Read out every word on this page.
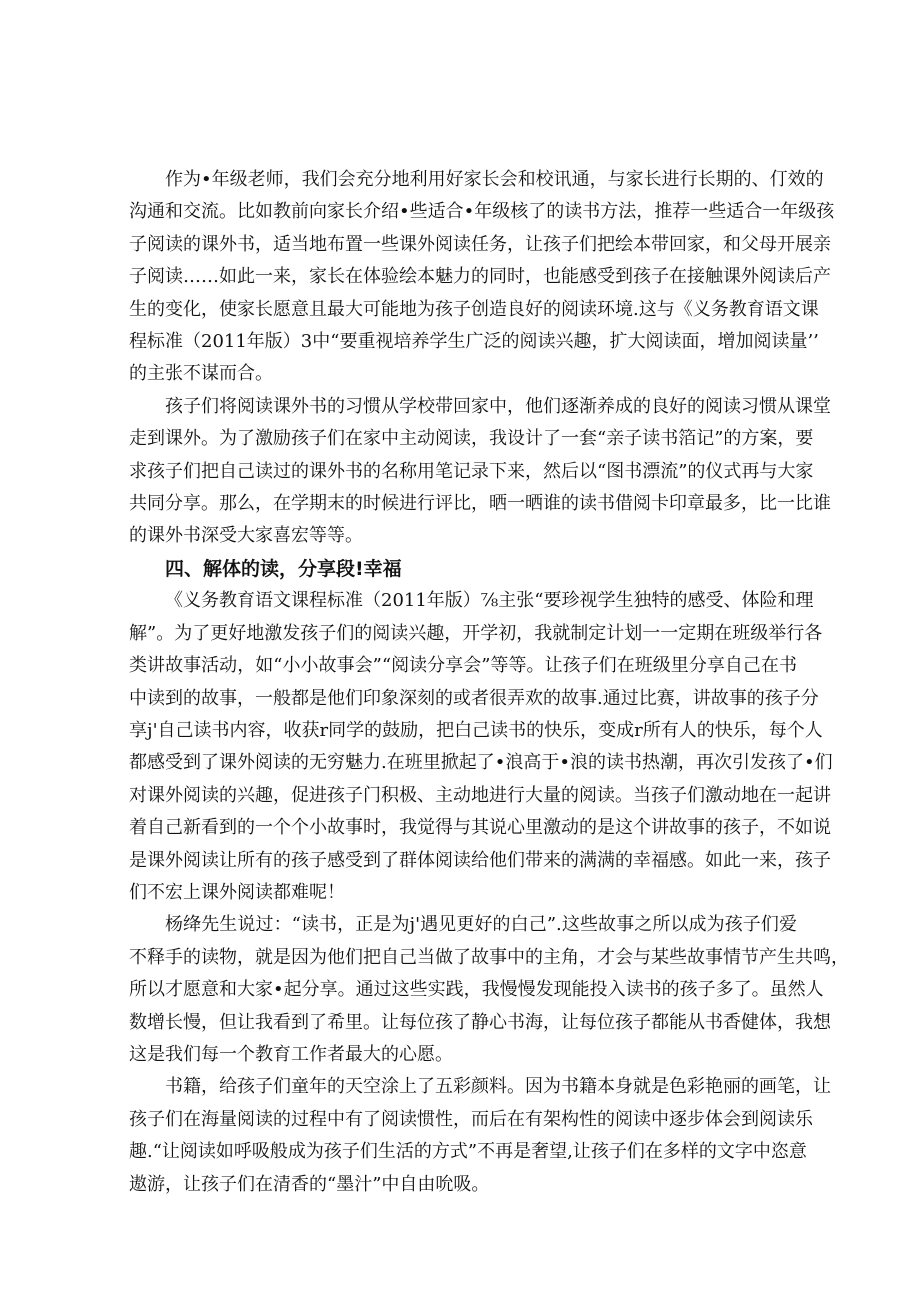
作为•年级老师，我们会充分地利用好家长会和校讯通，与家长进行长期的、仃效的
沟通和交流。比如教前向家长介绍•些适合•年级核了的读书方法，推荐一些适合一年级孩
子阅读的课外书，适当地布置一些课外阅读任务，让孩子们把绘本带回家，和父母开展亲
子阅读……如此一来，家长在体验绘本魅力的同时，也能感受到孩子在接触课外阅读后产
生的变化，使家长愿意且最大可能地为孩子创造良好的阅读环境.这与《义务教育语文课
程标准（2011年版）3中“要重视培养学生广泛的阅读兴趣，扩大阅读面，增加阅读量’’
的主张不谋而合。
孩子们将阅读课外书的习惯从学校带回家中，他们逐渐养成的良好的阅读习惯从课堂
走到课外。为了激励孩子们在家中主动阅读，我设计了一套“亲子读书箔记”的方案，要
求孩子们把自己读过的课外书的名称用笔记录下来，然后以“图书漂流”的仪式再与大家
共同分享。那么，在学期末的时候进行评比，晒一晒谁的读书借阅卡印章最多，比一比谁
的课外书深受大家喜宏等等。
四、解体的读，分享段!幸福
《义务教育语文课程标准（2011年版）⅞主张“要珍视学生独特的感受、体险和理
解”。为了更好地激发孩子们的阅读兴趣，开学初，我就制定计划一一定期在班级举行各
类讲故事活动，如“小小故事会”“阅读分享会”等等。让孩子们在班级里分享自己在书
中读到的故事，一般都是他们印象深刻的或者很弄欢的故事.通过比赛，讲故事的孩子分
享j'自己读书内容，收获r同学的鼓励，把白己读书的快乐，变成r所有人的快乐，每个人
都感受到了课外阅读的无穷魅力.在班里掀起了•浪高于•浪的读书热潮，再次引发孩了•们
对课外阅读的兴趣，促进孩子门积极、主动地进行大量的阅读。当孩子们激动地在一起讲
着自己新看到的一个个小故事时，我觉得与其说心里激动的是这个讲故事的孩子，不如说
是课外阅读让所有的孩子感受到了群体阅读给他们带来的满满的幸福感。如此一来，孩子
们不宏上课外阅读都难呢！
杨绛先生说过：“读书，正是为j'遇见更好的白己”.这些故事之所以成为孩子们爱
不释手的读物，就是因为他们把自己当做了故事中的主角，才会与某些故事情节产生共鸣，
所以才愿意和大家•起分享。通过这些实践，我慢慢发现能投入读书的孩子多了。虽然人
数增长慢，但让我看到了希里。让每位孩了静心书海，让每位孩子都能从书香健体，我想
这是我们每一个教育工作者最大的心愿。
书籍，给孩子们童年的天空涂上了五彩颜料。因为书籍本身就是色彩艳丽的画笔，让
孩子们在海量阅读的过程中有了阅读惯性，而后在有架构性的阅读中逐步体会到阅读乐
趣.“让阅读如呼吸般成为孩子们生活的方式”不再是奢望,让孩子们在多样的文字中恣意
遨游，让孩子们在清香的“墨汁”中自由吮吸。
